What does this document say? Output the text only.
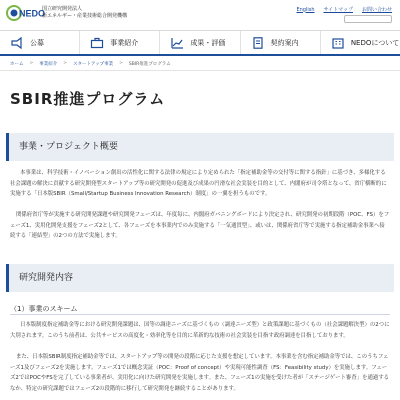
NEDO
国立研究開発法人
新エネルギー・産業技術総合開発機構
English サイトマップ お問い合わせ
公募	事業紹介	成果・評価	契約案内	NEDOについて
ホーム > 事業紹介 > スタートアップ事業 > SBIR推進プログラム
SBIR推進プログラム
事業・プロジェクト概要

本事業は、科学技術・イノベーション創出の活性化に関する法律の規定により定められた「指定補助金等の交付等に関する指針」に基づき、多様化する社会課題の解決に貢献する研究開発型スタートアップ等の研究開発の促進及び成果の円滑な社会実装を目的として、内閣府が司令塔となって、省庁横断的に実施する「日本版SBIR（Small/Startup Business Innovation Research）制度」の一翼を担うものです。

関係府省庁等が実施する研究開発課題や研究開発フェーズは、年度毎に、内閣府ガバニングボードにより決定され、研究開発の初期段階（POC、FS）をフェーズ1、実用化開発支援をフェーズ2として、各フェーズを本事業内でのみ実施する「一気通貫型」、或いは、関係府省庁等で実施する指定補助金事業へ接続する「連結型」の2つの方法で実施します。

研究開発内容
（1）事業のスキーム

日本版制度指定補助金等における研究開発課題は、国等の調達ニーズに基づくもの（調達ニーズ型）と政策課題に基づくもの（社会課題解決型）の2つに大別されます。このうち前者は、公共サービスの高度化・効率化等を目的に革新的な技術の社会実装を目指す政府調達を目指しております。

また、日本版SBIR制度指定補助金等では、スタートアップ等の開発の段階に応じた支援を想定しています。本事業を含む指定補助金等では、このうちフェーズ1及びフェーズ2を実施します。フェーズ1では概念実証（POC：Proof of concept）や実現可能性調査（FS：Feasibility study）を実施します。フェーズ2ではPOCやFSを完了している事業者が、実用化に向けた研究開発を実施します。また、フェーズ1の実施を受けた者が「ステージゲート審査」を通過するなか、特定の研究課題ではフェーズ2の段階的に移行して研究開発を継続することがあります。
